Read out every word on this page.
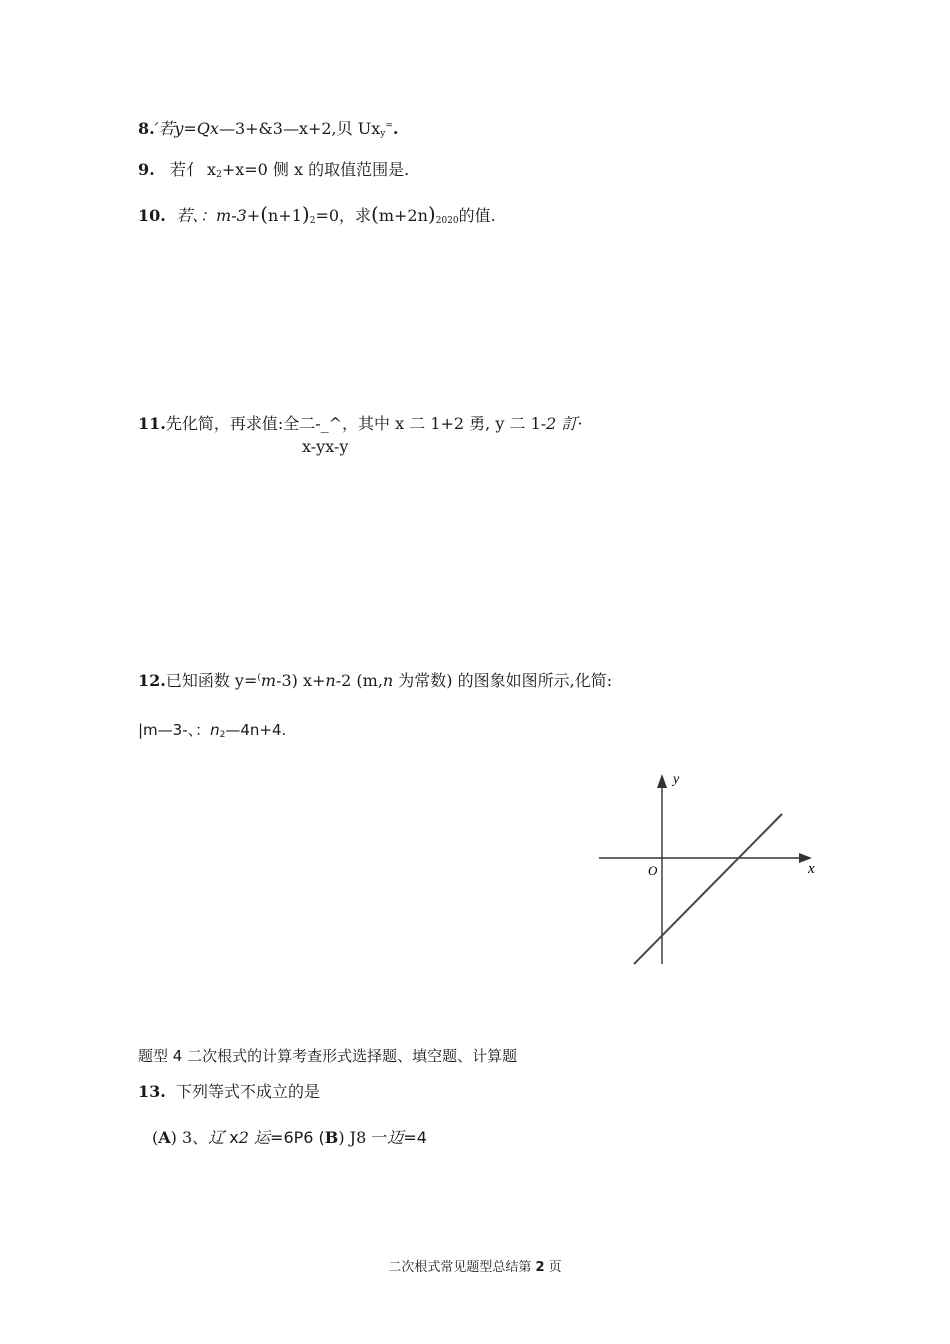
8.′若y=Qx—3+&3—x+2,贝 $Ux_y^=$.
9. 若亻 $x_2+x=0$ 侧 x 的取值范围是.
10. 若、：$m-3+(n+1)_2=0$，求$(m+2n)_{2020}$的值.
11.先化简，再求值:全二-_^，其中 x 二 1+2 勇, y 二 1-2 訂·
x-yx-y
12.已知函数 y=(m-3) x+n-2 (m,n 为常数) 的图象如图所示,化简:
|m—3-、：$n_2—4n+4$.
y
x
O
题型 4 二次根式的计算考查形式选择题、填空题、计算题
13. 下列等式不成立的是
(A) 3、辽 x2 运=6P6 (B) J8 一迈=4
二次根式常见题型总结第 2 页
